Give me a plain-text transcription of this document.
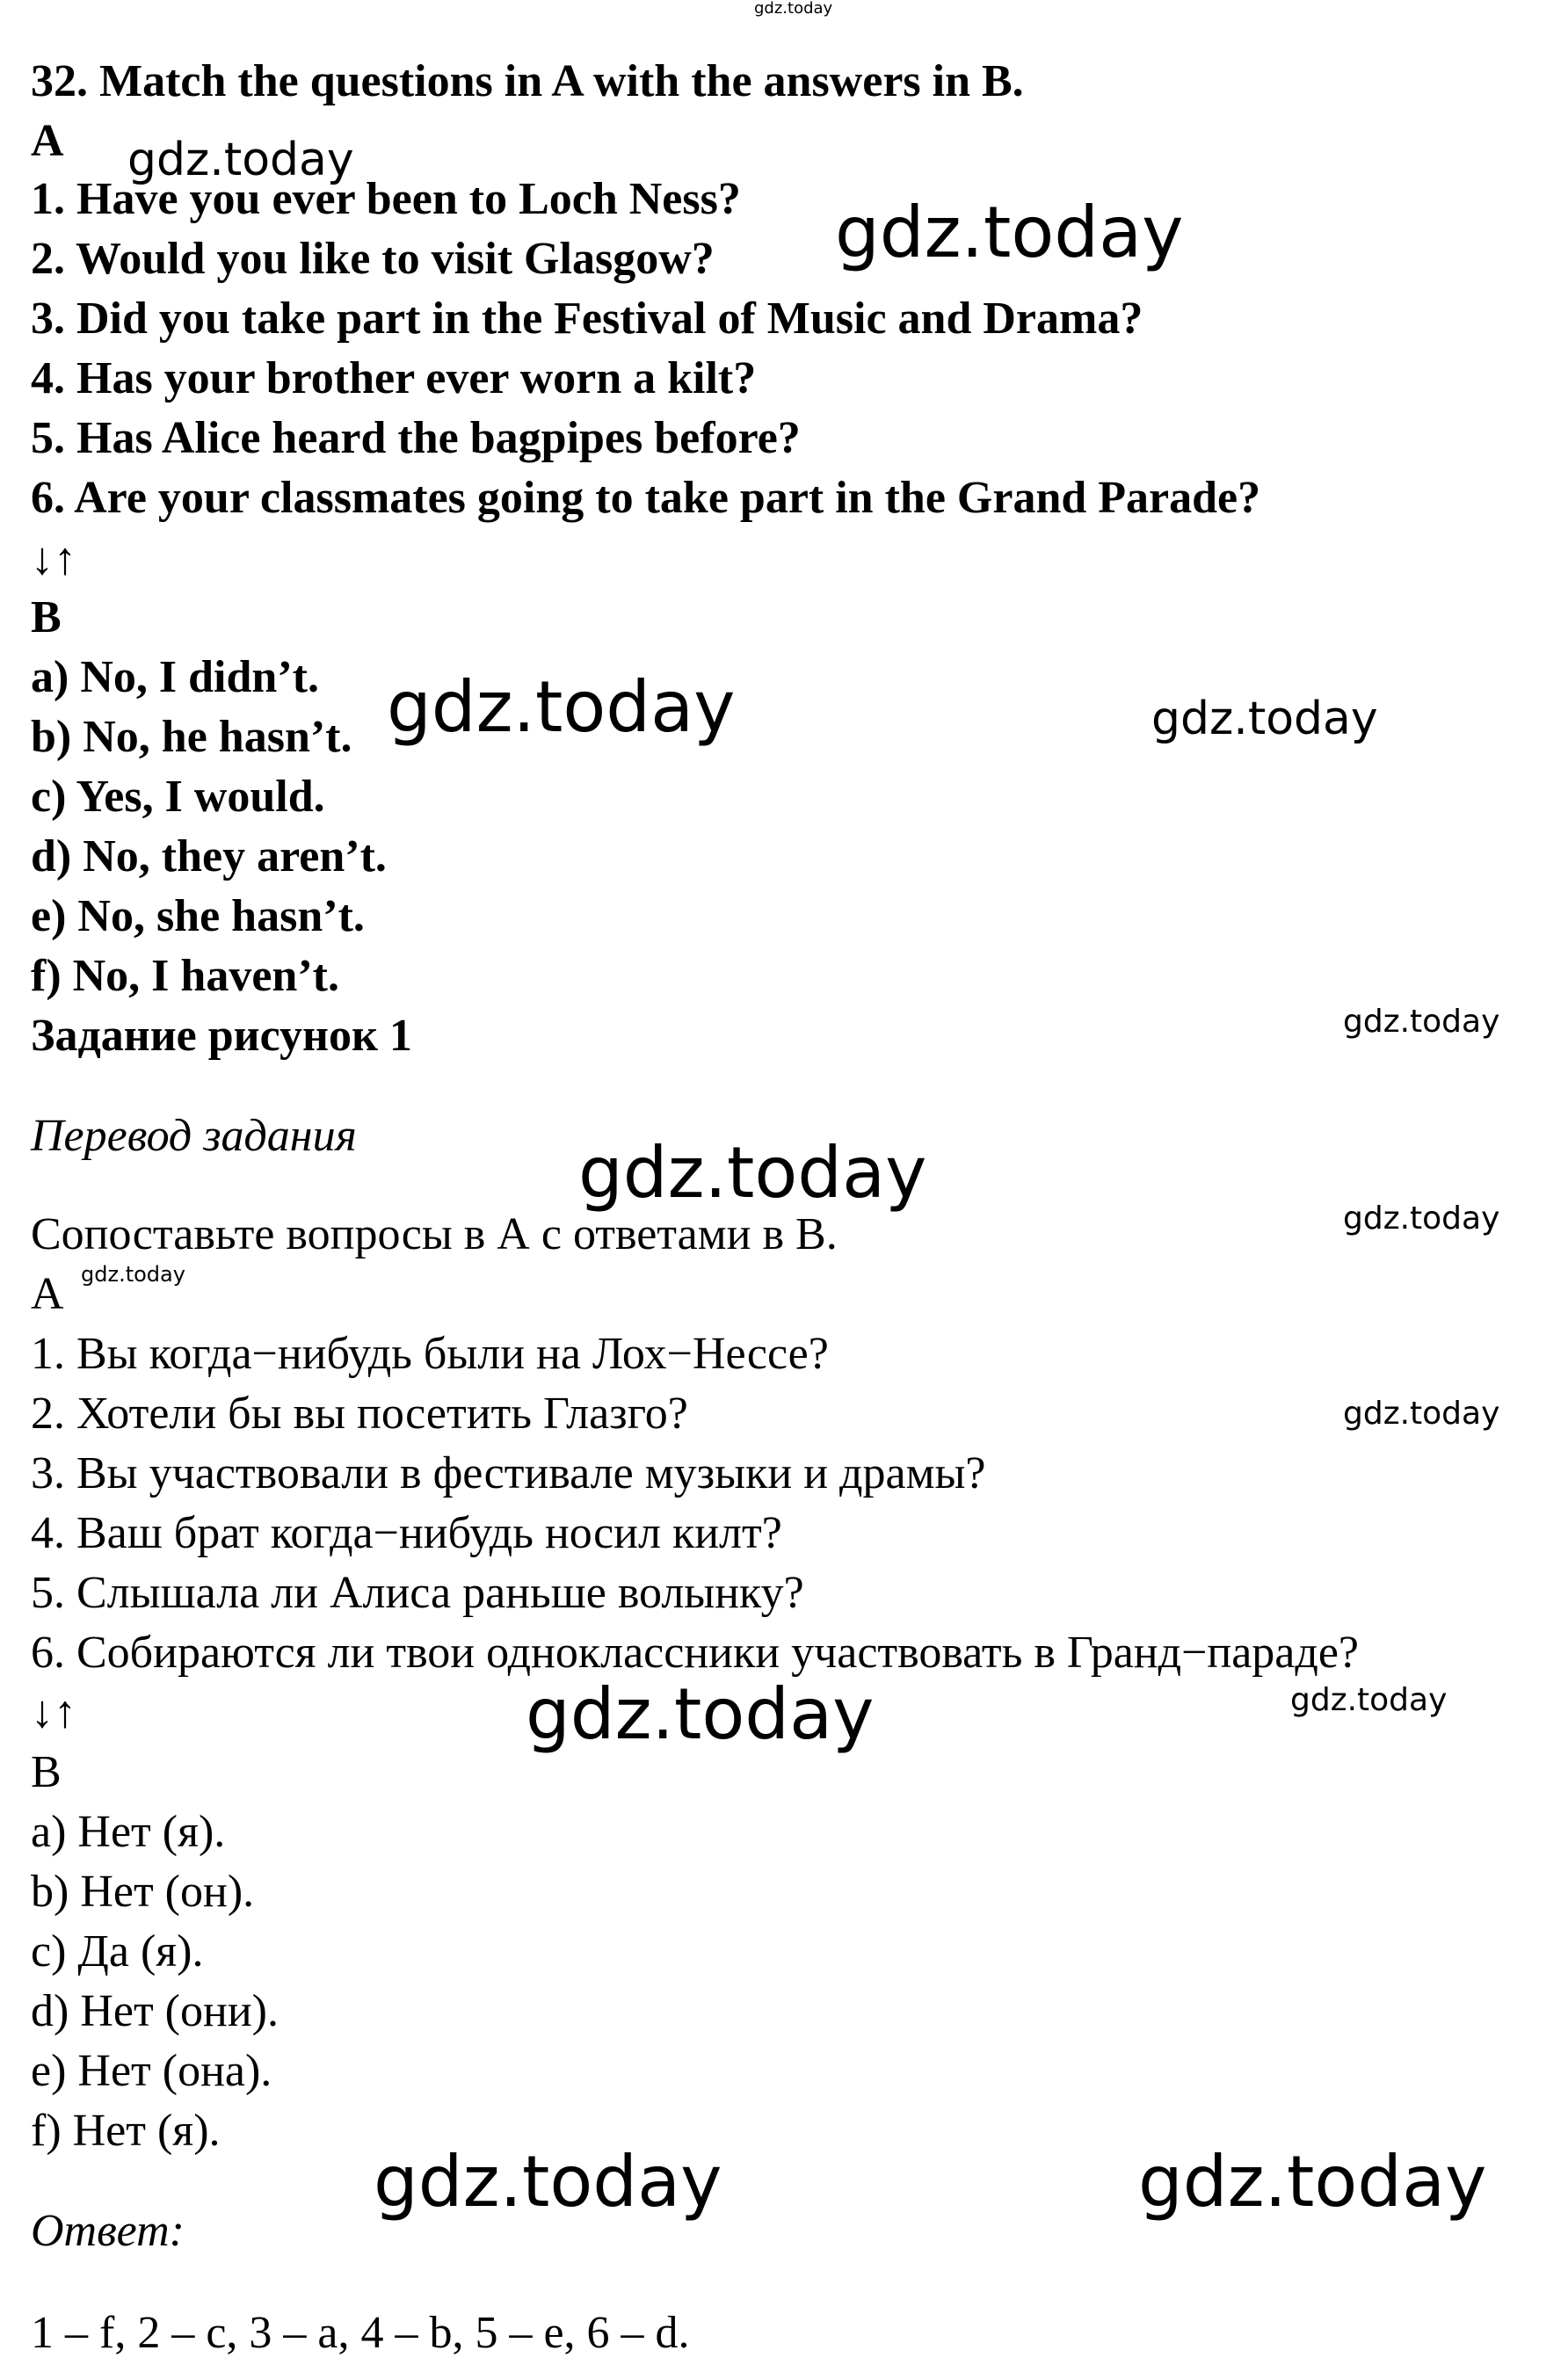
gdz.today
32. Match the questions in A with the answers in B.
A
1. Have you ever been to Loch Ness?
2. Would you like to visit Glasgow?
3. Did you take part in the Festival of Music and Drama?
4. Has your brother ever worn a kilt?
5. Has Alice heard the bagpipes before?
6. Are your classmates going to take part in the Grand Parade?
↓↑
B
a) No, I didn’t.
b) No, he hasn’t.
c) Yes, I would.
d) No, they aren’t.
e) No, she hasn’t.
f) No, I haven’t.
Задание рисунок 1
Перевод задания
Сопоставьте вопросы в А с ответами в В.
А
1. Вы когда−нибудь были на Лох−Нессе?
2. Хотели бы вы посетить Глазго?
3. Вы участвовали в фестивале музыки и драмы?
4. Ваш брат когда−нибудь носил килт?
5. Слышала ли Алиса раньше волынку?
6. Собираются ли твои одноклассники участвовать в Гранд−параде?
↓↑
В
a) Нет (я).
b) Нет (он).
c) Да (я).
d) Нет (они).
e) Нет (она).
f) Нет (я).
Ответ:
1 – f, 2 – c, 3 – a, 4 – b, 5 – e, 6 – d.
gdz.today
gdz.today
gdz.today	gdz.today
gdz.today
gdz.today
gdz.today
gdz.today
gdz.today
gdz.today	gdz.today
gdz.today	gdz.today
